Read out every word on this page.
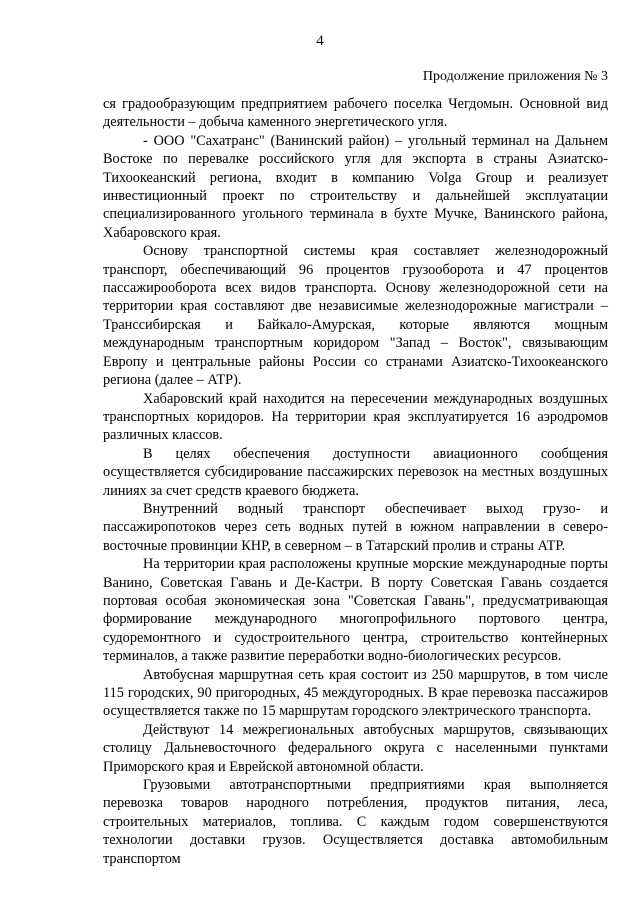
4
Продолжение приложения № 3

ся градообразующим предприятием рабочего поселка Чегдомын. Основной вид деятельности – добыча каменного энергетического угля.

- ООО "Сахатранс" (Ванинский район) – угольный терминал на Дальнем Востоке по перевалке российского угля для экспорта в страны Азиатско-Тихоокеанский региона, входит в компанию Volga Group и реализует инвестиционный проект по строительству и дальнейшей эксплуатации специализированного угольного терминала в бухте Мучке, Ванинского района, Хабаровского края.

Основу транспортной системы края составляет железнодорожный транспорт, обеспечивающий 96 процентов грузооборота и 47 процентов пассажирооборота всех видов транспорта. Основу железнодорожной сети на территории края составляют две независимые железнодорожные магистрали – Транссибирская и Байкало-Амурская, которые являются мощным международным транспортным коридором "Запад – Восток", связывающим Европу и центральные районы России со странами Азиатско-Тихоокеанского региона (далее – АТР).

Хабаровский край находится на пересечении международных воздушных транспортных коридоров. На территории края эксплуатируется 16 аэродромов различных классов.

В целях обеспечения доступности авиационного сообщения осуществляется субсидирование пассажирских перевозок на местных воздушных линиях за счет средств краевого бюджета.

Внутренний водный транспорт обеспечивает выход грузо- и пассажиропотоков через сеть водных путей в южном направлении в северо-восточные провинции КНР, в северном – в Татарский пролив и страны АТР.

На территории края расположены крупные морские международные порты Ванино, Советская Гавань и Де-Кастри. В порту Советская Гавань создается портовая особая экономическая зона "Советская Гавань", предусматривающая формирование международного многопрофильного портового центра, судоремонтного и судостроительного центра, строительство контейнерных терминалов, а также развитие переработки водно-биологических ресурсов.

Автобусная маршрутная сеть края состоит из 250 маршрутов, в том числе 115 городских, 90 пригородных, 45 междугородных. В крае перевозка пассажиров осуществляется также по 15 маршрутам городского электрического транспорта.

Действуют 14 межрегиональных автобусных маршрутов, связывающих столицу Дальневосточного федерального округа с населенными пунктами Приморского края и Еврейской автономной области.

Грузовыми автотранспортными предприятиями края выполняется перевозка товаров народного потребления, продуктов питания, леса, строительных материалов, топлива. С каждым годом совершенствуются технологии доставки грузов. Осуществляется доставка автомобильным транспортом
